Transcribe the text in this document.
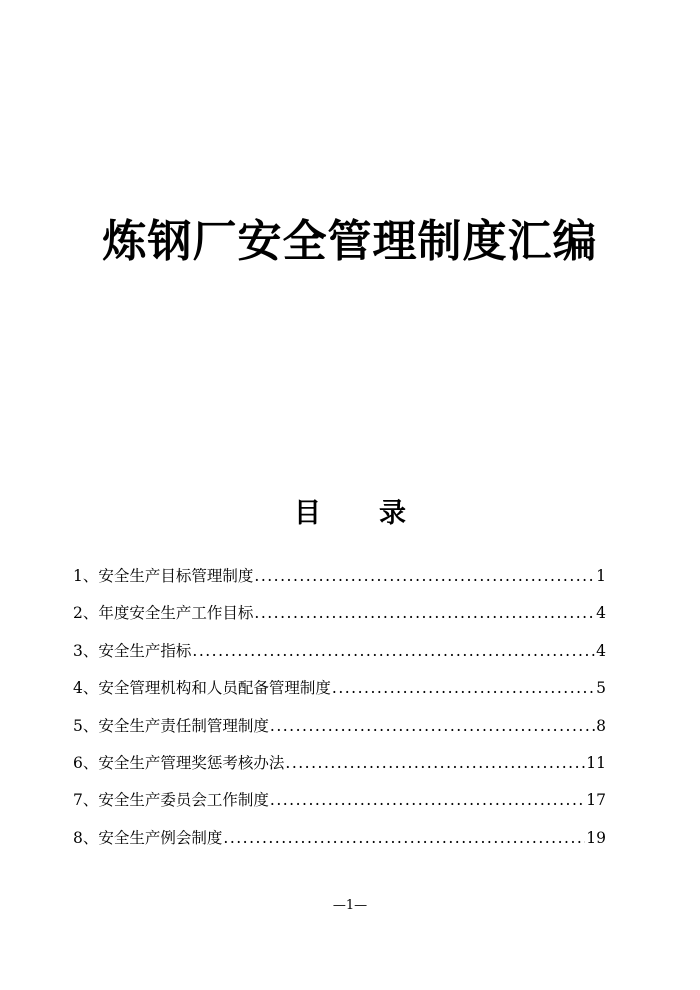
炼钢厂安全管理制度汇编
目 录
1、 安全生产目标管理制度 .....	1
2、 年度安全生产工作目标 .....	4
3、 安全生产指标 .....	4
4、 安全管理机构和人员配备管理制度 .....	5
5、 安全生产责任制管理制度 .....	8
6、 安全生产管理奖惩考核办法 .....	11
7、 安全生产委员会工作制度 .....	17
8、 安全生产例会制度 .....	19
—1—
